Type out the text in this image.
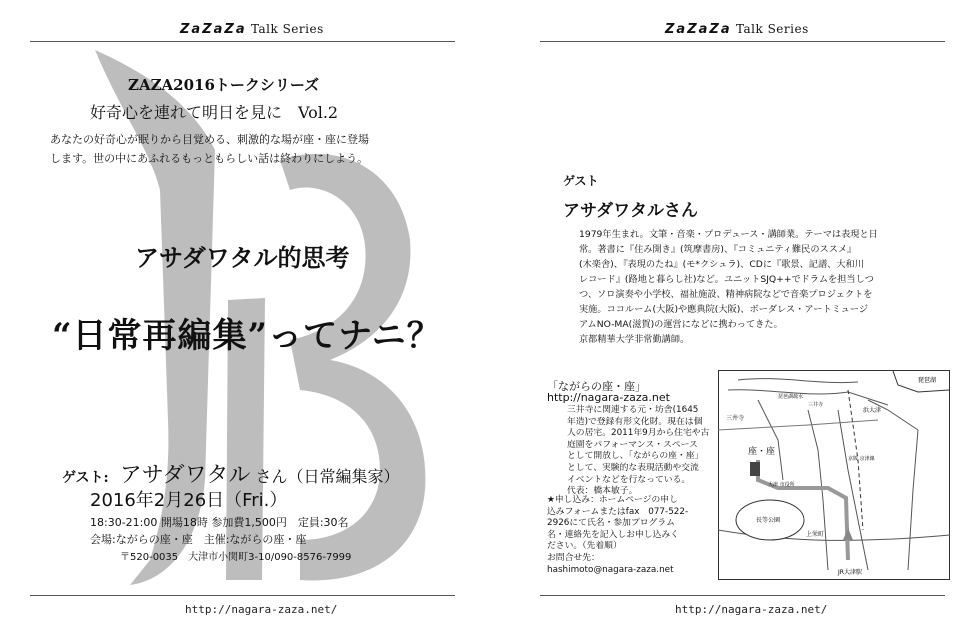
ZaZaZa Talk Series
ZAZA2016トークシリーズ
好奇心を連れて明日を見に　Vol.2
あなたの好奇心が眠りから目覚める、刺激的な場が座・座に登場
します。世の中にあふれるもっともらしい話は終わりにしよう。
アサダワタル的思考
“日常再編集”ってナニ？
ゲスト: アサダワタル さん（日常編集家）
2016年2月26日（Fri.）
18:30-21:00 開場18時 参加費1,500円　定員:30名
会場:ながらの座・座　主催:ながらの座・座
〒520-0035　大津市小関町3-10/090-8576-7999
http://nagara-zaza.net/
ZaZaZa Talk Series
ゲスト
アサダワタルさん
1979年生まれ。文筆・音楽・プロデュース・講師業。テーマは表現と日
常。著書に『住み開き』(筑摩書房)、『コミュニティ難民のススメ』
(木楽舎)、『表現のたね』(モ*クシュラ)、CDに『歌景、記譜、大和川
レコード』(路地と暮らし社)など。ユニットSJQ++でドラムを担当しつ
つ、ソロ演奏や小学校、福祉施設、精神病院などで音楽プロジェクトを
実施。ココルーム(大阪)や應典院(大阪)、ボーダレス・アートミュージ
アムNO-MA(滋賀)の運営になどに携わってきた。
京都精華大学非常勤講師。
「ながらの座・座」
http://nagara-zaza.net
三井寺に関連する元・坊舎(1645
年造)で登録有形文化財。現在は個
人の居宅。2011年9月から住宅や古
庭園をパフォーマンス・スペース
として開放し、「ながらの座・座」
として、実験的な表現活動や交流
イベントなどを行なっている。
代表：橋本敏子。
★申し込み：ホームページの申し
込みフォームまたはfax　077-522-
2926にて氏名・参加プログラム
名・連絡先を記入しお申し込みく
ださい。（先着順）
お問合せ先：
hashimoto@nagara-zaza.net
座・座
三井寺
琵琶湖
琵琶湖疏水
三井寺
浜大津
京阪 京津線
大津 市役所
長等公園
上栄町
JR大津駅
http://nagara-zaza.net/
